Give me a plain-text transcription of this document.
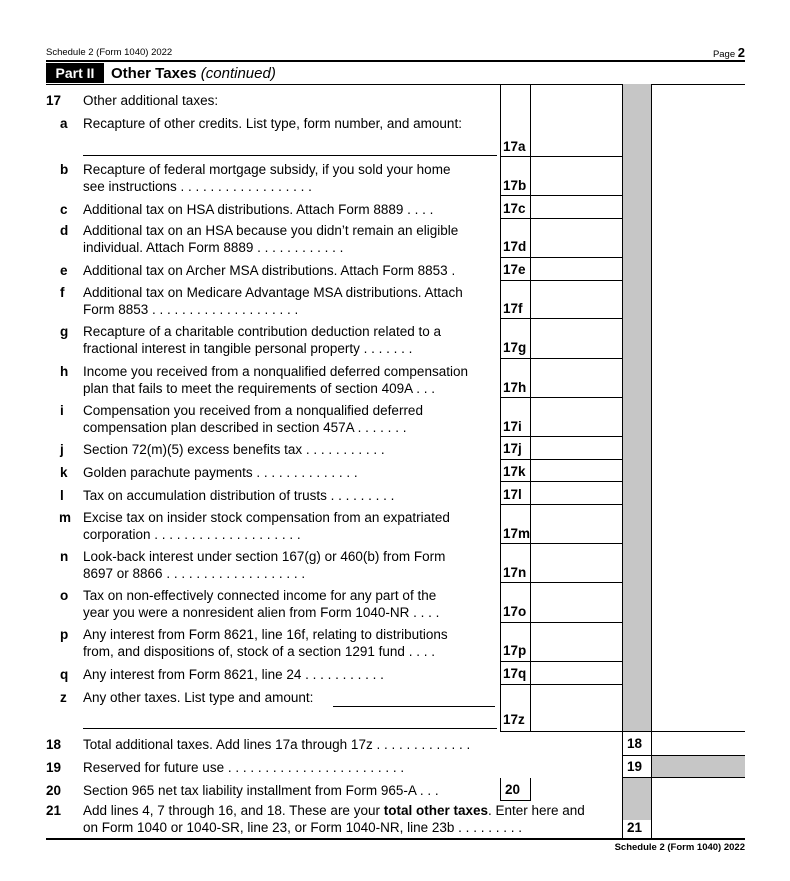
Schedule 2 (Form 1040) 2022	Page 2
Part II	Other Taxes (continued)
17 Other additional taxes:
a Recapture of other credits. List type, form number, and amount:
17a
b Recapture of federal mortgage subsidy, if you sold your home
see instructions . . . . . . . . . . . . . . . . . .	17b
c Additional tax on HSA distributions. Attach Form 8889 . . . .	17c
d Additional tax on an HSA because you didn’t remain an eligible
individual. Attach Form 8889 . . . . . . . . . . . .	17d
e Additional tax on Archer MSA distributions. Attach Form 8853 .	17e
f Additional tax on Medicare Advantage MSA distributions. Attach
Form 8853 . . . . . . . . . . . . . . . . . . . .	17f
g Recapture of a charitable contribution deduction related to a
fractional interest in tangible personal property . . . . . . .	17g
h Income you received from a nonqualified deferred compensation
plan that fails to meet the requirements of section 409A . . .	17h
i Compensation you received from a nonqualified deferred
compensation plan described in section 457A . . . . . . .	17i
j Section 72(m)(5) excess benefits tax . . . . . . . . . . .	17j
k Golden parachute payments . . . . . . . . . . . . . .	17k
l Tax on accumulation distribution of trusts . . . . . . . . .	17l
m Excise tax on insider stock compensation from an expatriated
corporation . . . . . . . . . . . . . . . . . . . .	17m
n Look-back interest under section 167(g) or 460(b) from Form
8697 or 8866 . . . . . . . . . . . . . . . . . . .	17n
o Tax on non-effectively connected income for any part of the
year you were a nonresident alien from Form 1040-NR . . . .	17o
p Any interest from Form 8621, line 16f, relating to distributions
from, and dispositions of, stock of a section 1291 fund . . . .	17p
q Any interest from Form 8621, line 24 . . . . . . . . . . .	17q
z Any other taxes. List type and amount:
17z
18 Total additional taxes. Add lines 17a through 17z . . . . . . . . . . . . .	18
19 Reserved for future use . . . . . . . . . . . . . . . . . . . . . . . .	19
20 Section 965 net tax liability installment from Form 965-A . . .	20
21 Add lines 4, 7 through 16, and 18. These are your total other taxes. Enter here and
on Form 1040 or 1040-SR, line 23, or Form 1040-NR, line 23b . . . . . . . . .	21
Schedule 2 (Form 1040) 2022
